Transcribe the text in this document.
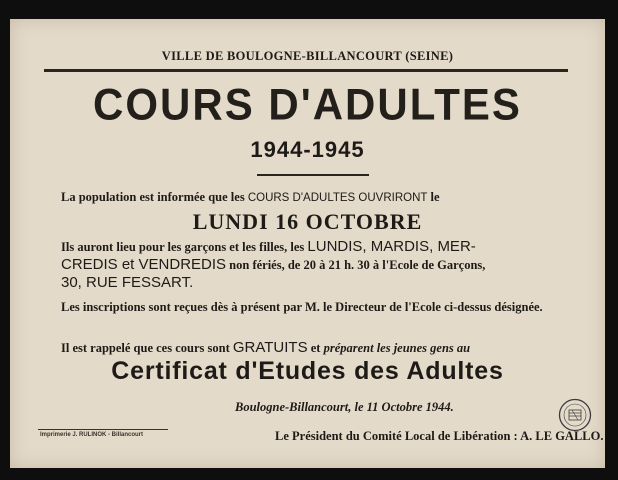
VILLE DE BOULOGNE-BILLANCOURT (SEINE)
COURS D'ADULTES
1944-1945
La population est informée que les COURS D'ADULTES OUVRIRONT le
LUNDI 16 OCTOBRE
Ils auront lieu pour les garçons et les filles, les LUNDIS, MARDIS, MER-
CREDIS et VENDREDIS non fériés, de 20 à 21 h. 30 à l'Ecole de Garçons,
30, RUE FESSART.
Les inscriptions sont reçues dès à présent par M. le Directeur de l'Ecole ci-dessus désignée.
Il est rappelé que ces cours sont GRATUITS et préparent les jeunes gens au
Certificat d'Etudes des Adultes
Boulogne-Billancourt, le 11 Octobre 1944.
Imprimerie J. RULINOK - Billancourt	Le Président du Comité Local de Libération : A. LE GALLO.
